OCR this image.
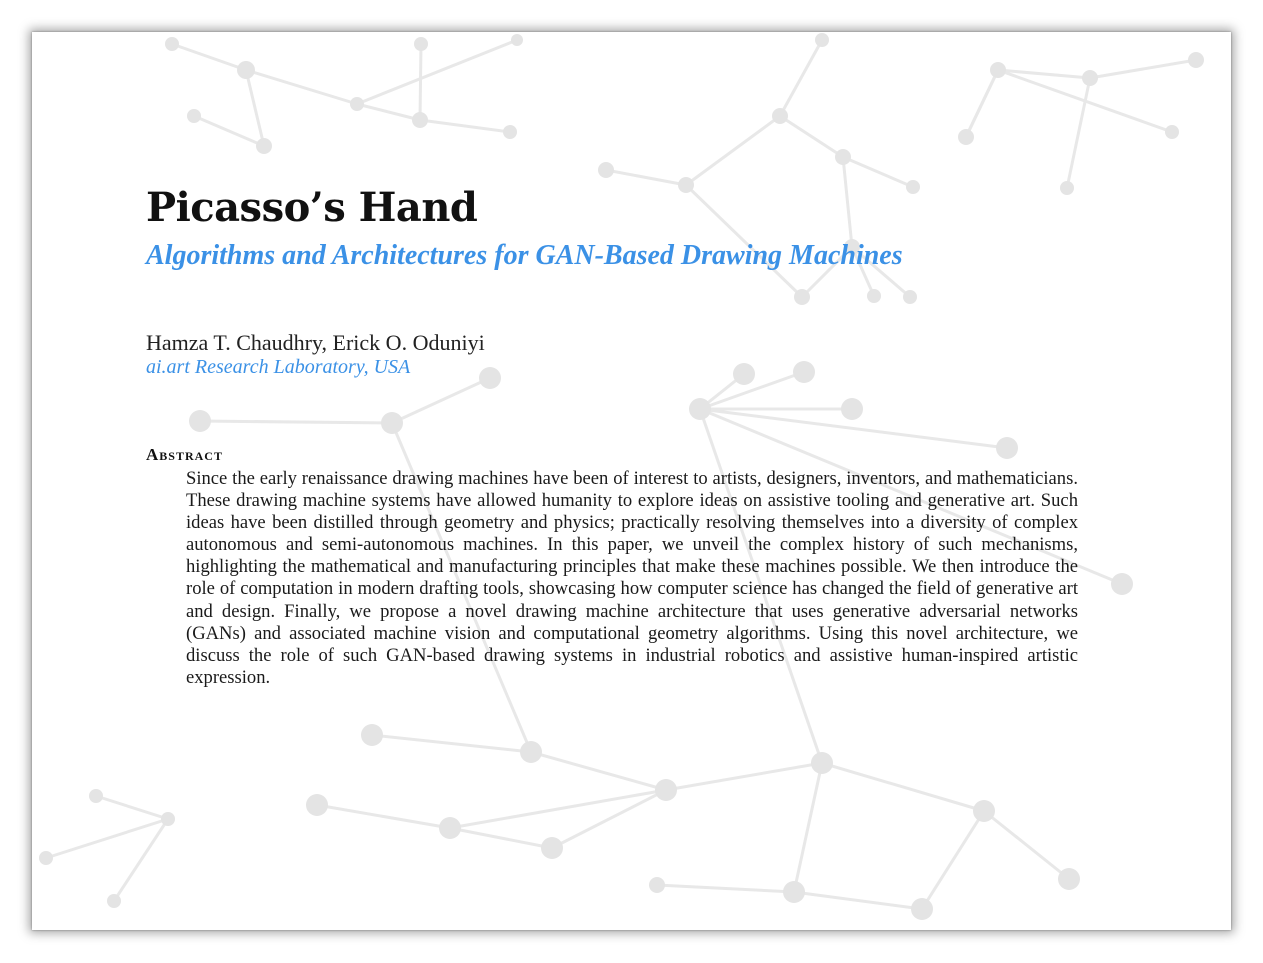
Picasso’s Hand
Algorithms and Architectures for GAN-Based Drawing Machines

Hamza T. Chaudhry, Erick O. Oduniyi

ai.art Research Laboratory, USA

Abstract

Since the early renaissance drawing machines have been of interest to artists, designers, inventors, and mathematicians. These drawing machine systems have allowed humanity to explore ideas on assistive tooling and generative art. Such ideas have been distilled through geometry and physics; practically resolving themselves into a diversity of complex autonomous and semi-autonomous machines. In this paper, we unveil the complex history of such mechanisms, highlighting the mathematical and manufacturing principles that make these machines possible. We then introduce the role of computation in modern drafting tools, showcasing how computer science has changed the field of generative art and design. Finally, we propose a novel drawing machine architecture that uses generative adversarial networks (GANs) and associated machine vision and computational geometry algorithms. Using this novel architecture, we discuss the role of such GAN-based drawing systems in industrial robotics and assistive human-inspired artistic expression.
